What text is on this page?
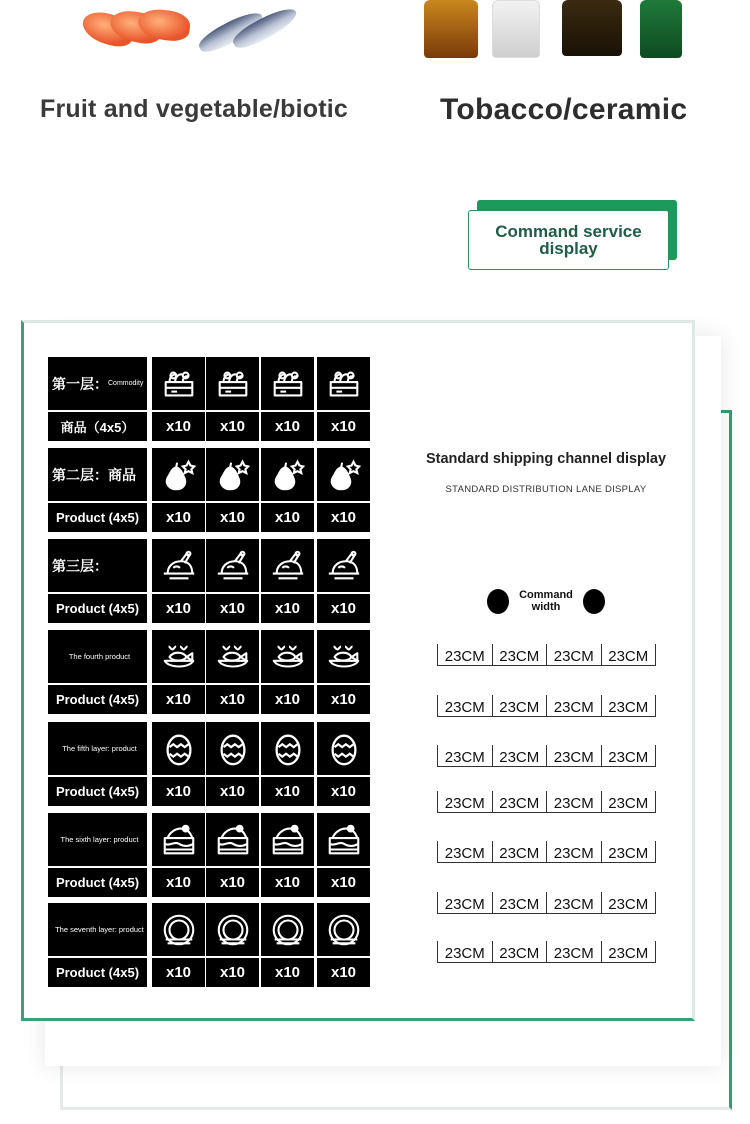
Fruit and vegetable/biotic	Tobacco/ceramic
Command service
display
第一层： Commodity
商品（4x5）	x10	x10	x10	x10
第二层：商品
Product (4x5)	x10	x10	x10	x10
第三层：
Product (4x5)	x10	x10	x10	x10
The fourth product
Product (4x5)	x10	x10	x10	x10
The fifth layer: product
Product (4x5)	x10	x10	x10	x10
The sixth layer: product
Product (4x5)	x10	x10	x10	x10
The seventh layer: product
Product (4x5)	x10	x10	x10	x10
Standard shipping channel display
STANDARD DISTRIBUTION LANE DISPLAY
Command
width
23CM 23CM 23CM 23CM
23CM 23CM 23CM 23CM
23CM 23CM 23CM 23CM
23CM 23CM 23CM 23CM
23CM 23CM 23CM 23CM
23CM 23CM 23CM 23CM
23CM 23CM 23CM 23CM
